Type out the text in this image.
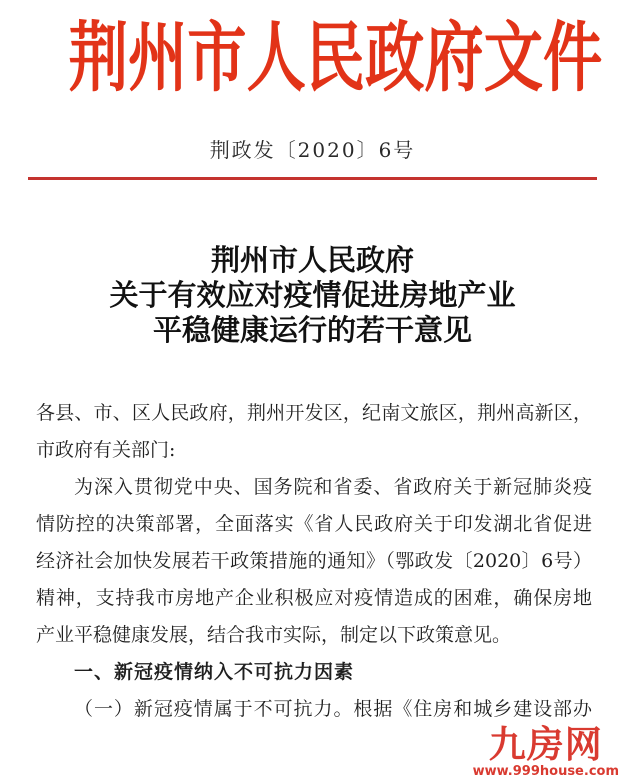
荆州市人民政府文件
荆政发〔2020〕6号
荆州市人民政府
关于有效应对疫情促进房地产业
平稳健康运行的若干意见
各县、市、区人民政府，荆州开发区，纪南文旅区，荆州高新区，
市政府有关部门:
为深入贯彻党中央、国务院和省委、省政府关于新冠肺炎疫
情防控的决策部署，全面落实《省人民政府关于印发湖北省促进
经济社会加快发展若干政策措施的通知》（鄂政发〔2020〕6号）
精神，支持我市房地产企业积极应对疫情造成的困难，确保房地
产业平稳健康发展，结合我市实际，制定以下政策意见。
一、新冠疫情纳入不可抗力因素
（一）新冠疫情属于不可抗力。根据《住房和城乡建设部办
九房网
www.999house.com
